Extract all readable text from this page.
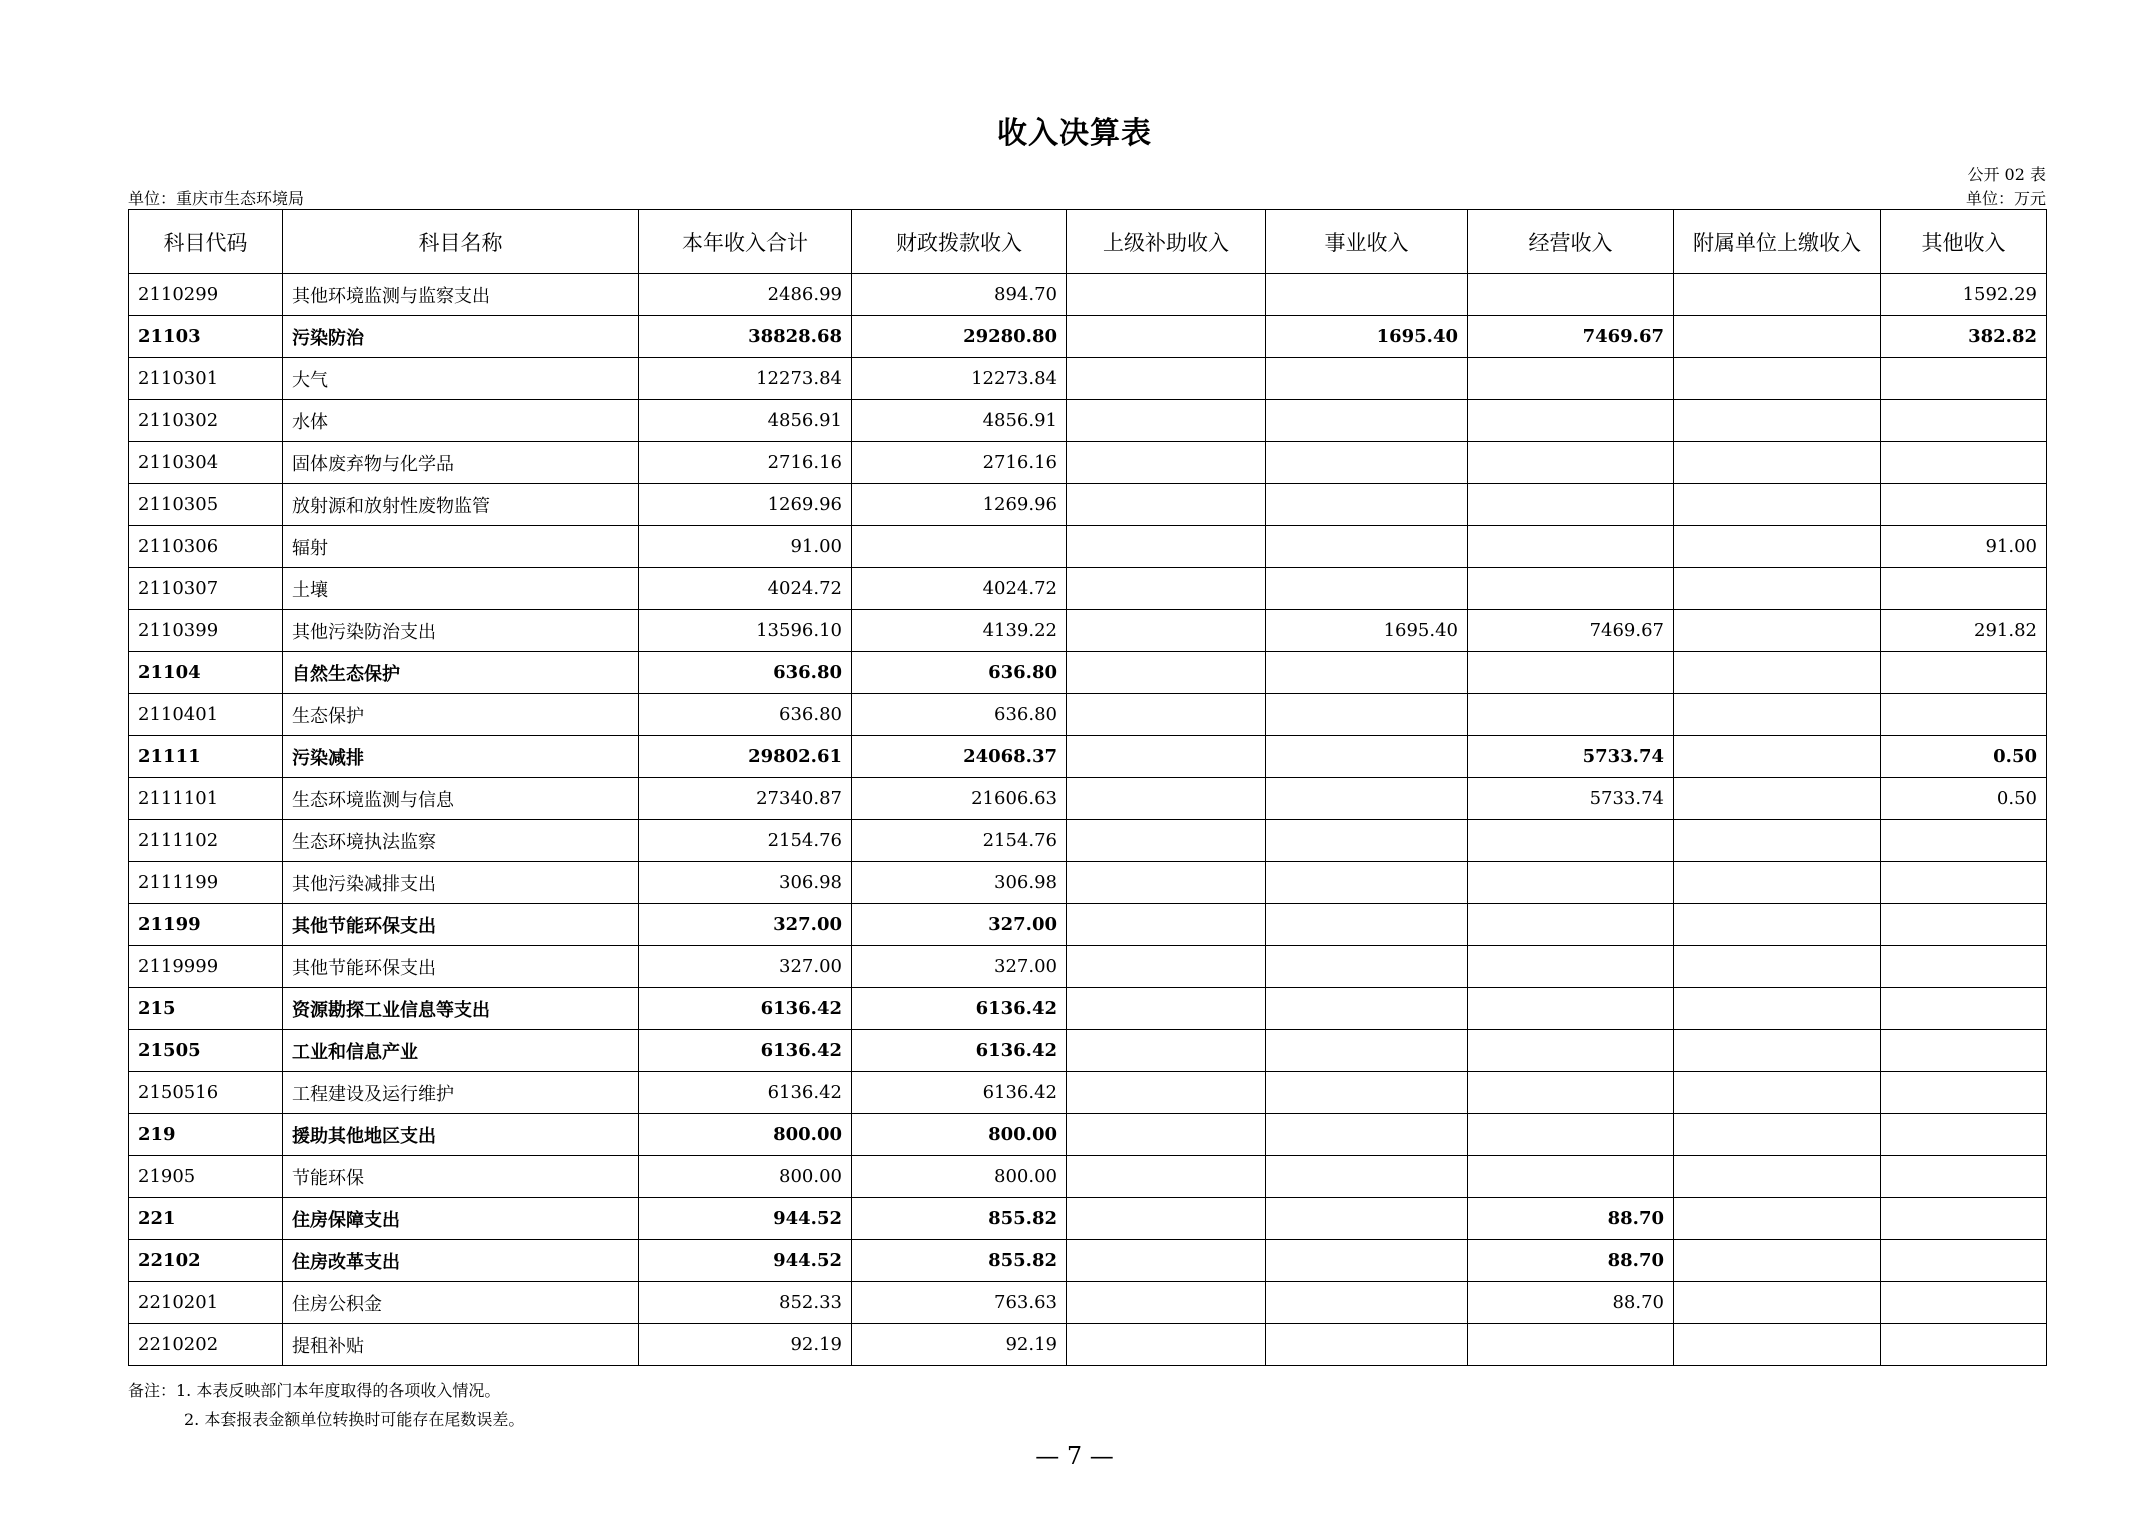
收入决算表
公开 02 表
单位：重庆市生态环境局	单位：万元
科目代码	科目名称	本年收入合计	财政拨款收入	上级补助收入	事业收入	经营收入	附属单位上缴收入	其他收入
2110299	其他环境监测与监察支出	2486.99	894.70					1592.29
21103	污染防治	38828.68	29280.80		1695.40	7469.67		382.82
2110301	大气	12273.84	12273.84					
2110302	水体	4856.91	4856.91					
2110304	固体废弃物与化学品	2716.16	2716.16					
2110305	放射源和放射性废物监管	1269.96	1269.96					
2110306	辐射	91.00						91.00
2110307	土壤	4024.72	4024.72					
2110399	其他污染防治支出	13596.10	4139.22		1695.40	7469.67		291.82
21104	自然生态保护	636.80	636.80					
2110401	生态保护	636.80	636.80					
21111	污染减排	29802.61	24068.37			5733.74		0.50
2111101	生态环境监测与信息	27340.87	21606.63			5733.74		0.50
2111102	生态环境执法监察	2154.76	2154.76					
2111199	其他污染减排支出	306.98	306.98					
21199	其他节能环保支出	327.00	327.00					
2119999	其他节能环保支出	327.00	327.00					
215	资源勘探工业信息等支出	6136.42	6136.42					
21505	工业和信息产业	6136.42	6136.42					
2150516	工程建设及运行维护	6136.42	6136.42					
219	援助其他地区支出	800.00	800.00					
21905	节能环保	800.00	800.00					
221	住房保障支出	944.52	855.82			88.70		
22102	住房改革支出	944.52	855.82			88.70		
2210201	住房公积金	852.33	763.63			88.70		
2210202	提租补贴	92.19	92.19					
备注：1. 本表反映部门本年度取得的各项收入情况。
2. 本套报表金额单位转换时可能存在尾数误差。
— 7 —
